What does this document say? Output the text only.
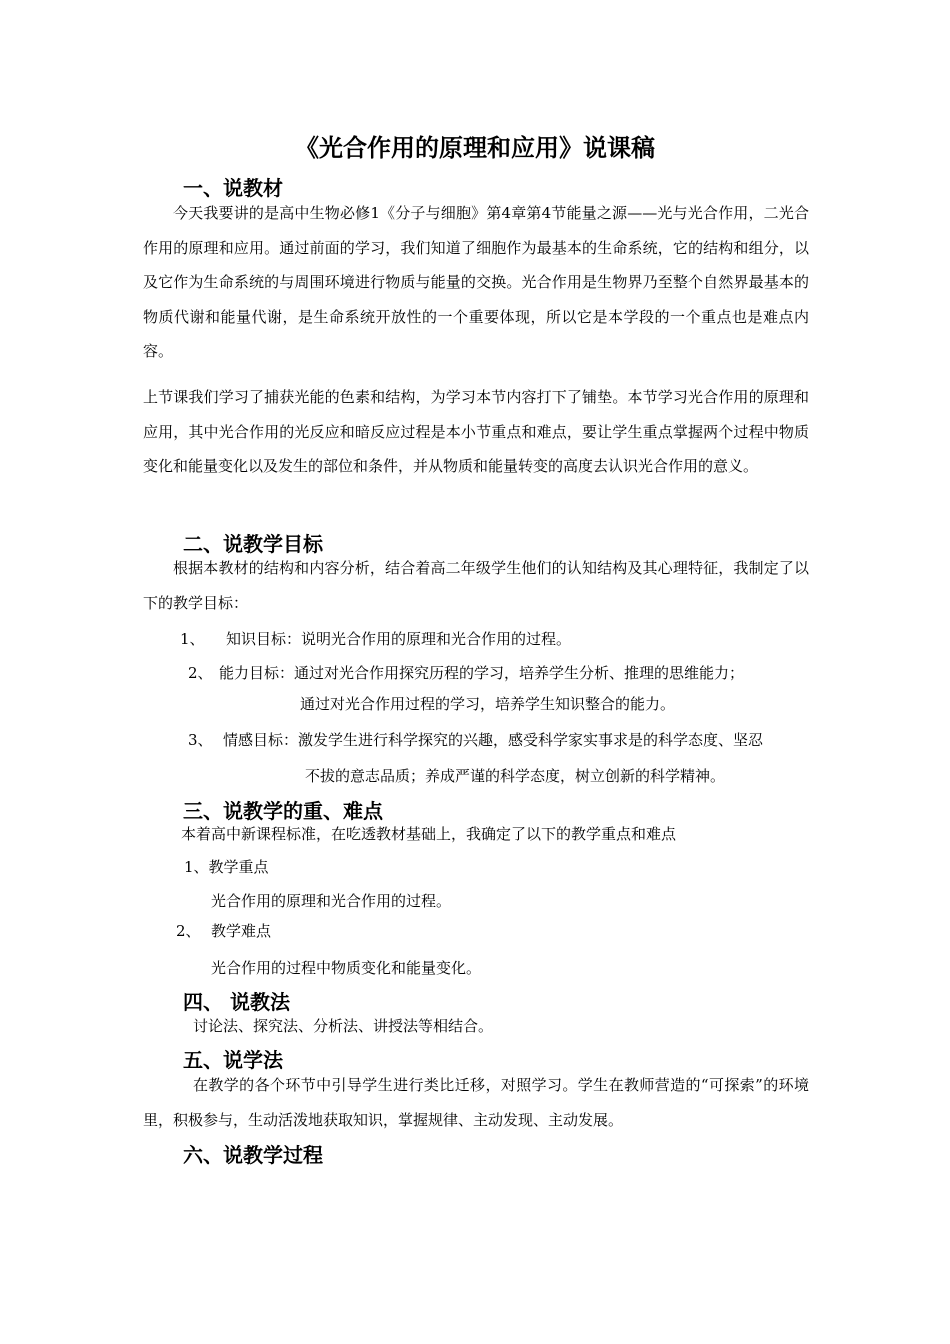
《光合作用的原理和应用》说课稿
一、说教材

今天我要讲的是高中生物必修1《分子与细胞》第4章第4节能量之源——光与光合作用，二光合作用的原理和应用。通过前面的学习，我们知道了细胞作为最基本的生命系统，它的结构和组分，以及它作为生命系统的与周围环境进行物质与能量的交换。光合作用是生物界乃至整个自然界最基本的物质代谢和能量代谢，是生命系统开放性的一个重要体现，所以它是本学段的一个重点也是难点内容。

上节课我们学习了捕获光能的色素和结构，为学习本节内容打下了铺垫。本节学习光合作用的原理和应用，其中光合作用的光反应和暗反应过程是本小节重点和难点，要让学生重点掌握两个过程中物质变化和能量变化以及发生的部位和条件，并从物质和能量转变的高度去认识光合作用的意义。

二、说教学目标

根据本教材的结构和内容分析，结合着高二年级学生他们的认知结构及其心理特征，我制定了以下的教学目标：

1、 知识目标：说明光合作用的原理和光合作用的过程。
2、 能力目标：通过对光合作用探究历程的学习，培养学生分析、推理的思维能力；
通过对光合作用过程的学习，培养学生知识整合的能力。
3、 情感目标：激发学生进行科学探究的兴趣，感受科学家实事求是的科学态度、坚忍
不拔的意志品质；养成严谨的科学态度，树立创新的科学精神。
三、说教学的重、难点
本着高中新课程标准，在吃透教材基础上，我确定了以下的教学重点和难点
1、教学重点
光合作用的原理和光合作用的过程。
2、 教学难点
光合作用的过程中物质变化和能量变化。
四、 说教法
讨论法、探究法、分析法、讲授法等相结合。
五、说学法

在教学的各个环节中引导学生进行类比迁移，对照学习。学生在教师营造的“可探索”的环境里，积极参与，生动活泼地获取知识，掌握规律、主动发现、主动发展。

六、说教学过程
